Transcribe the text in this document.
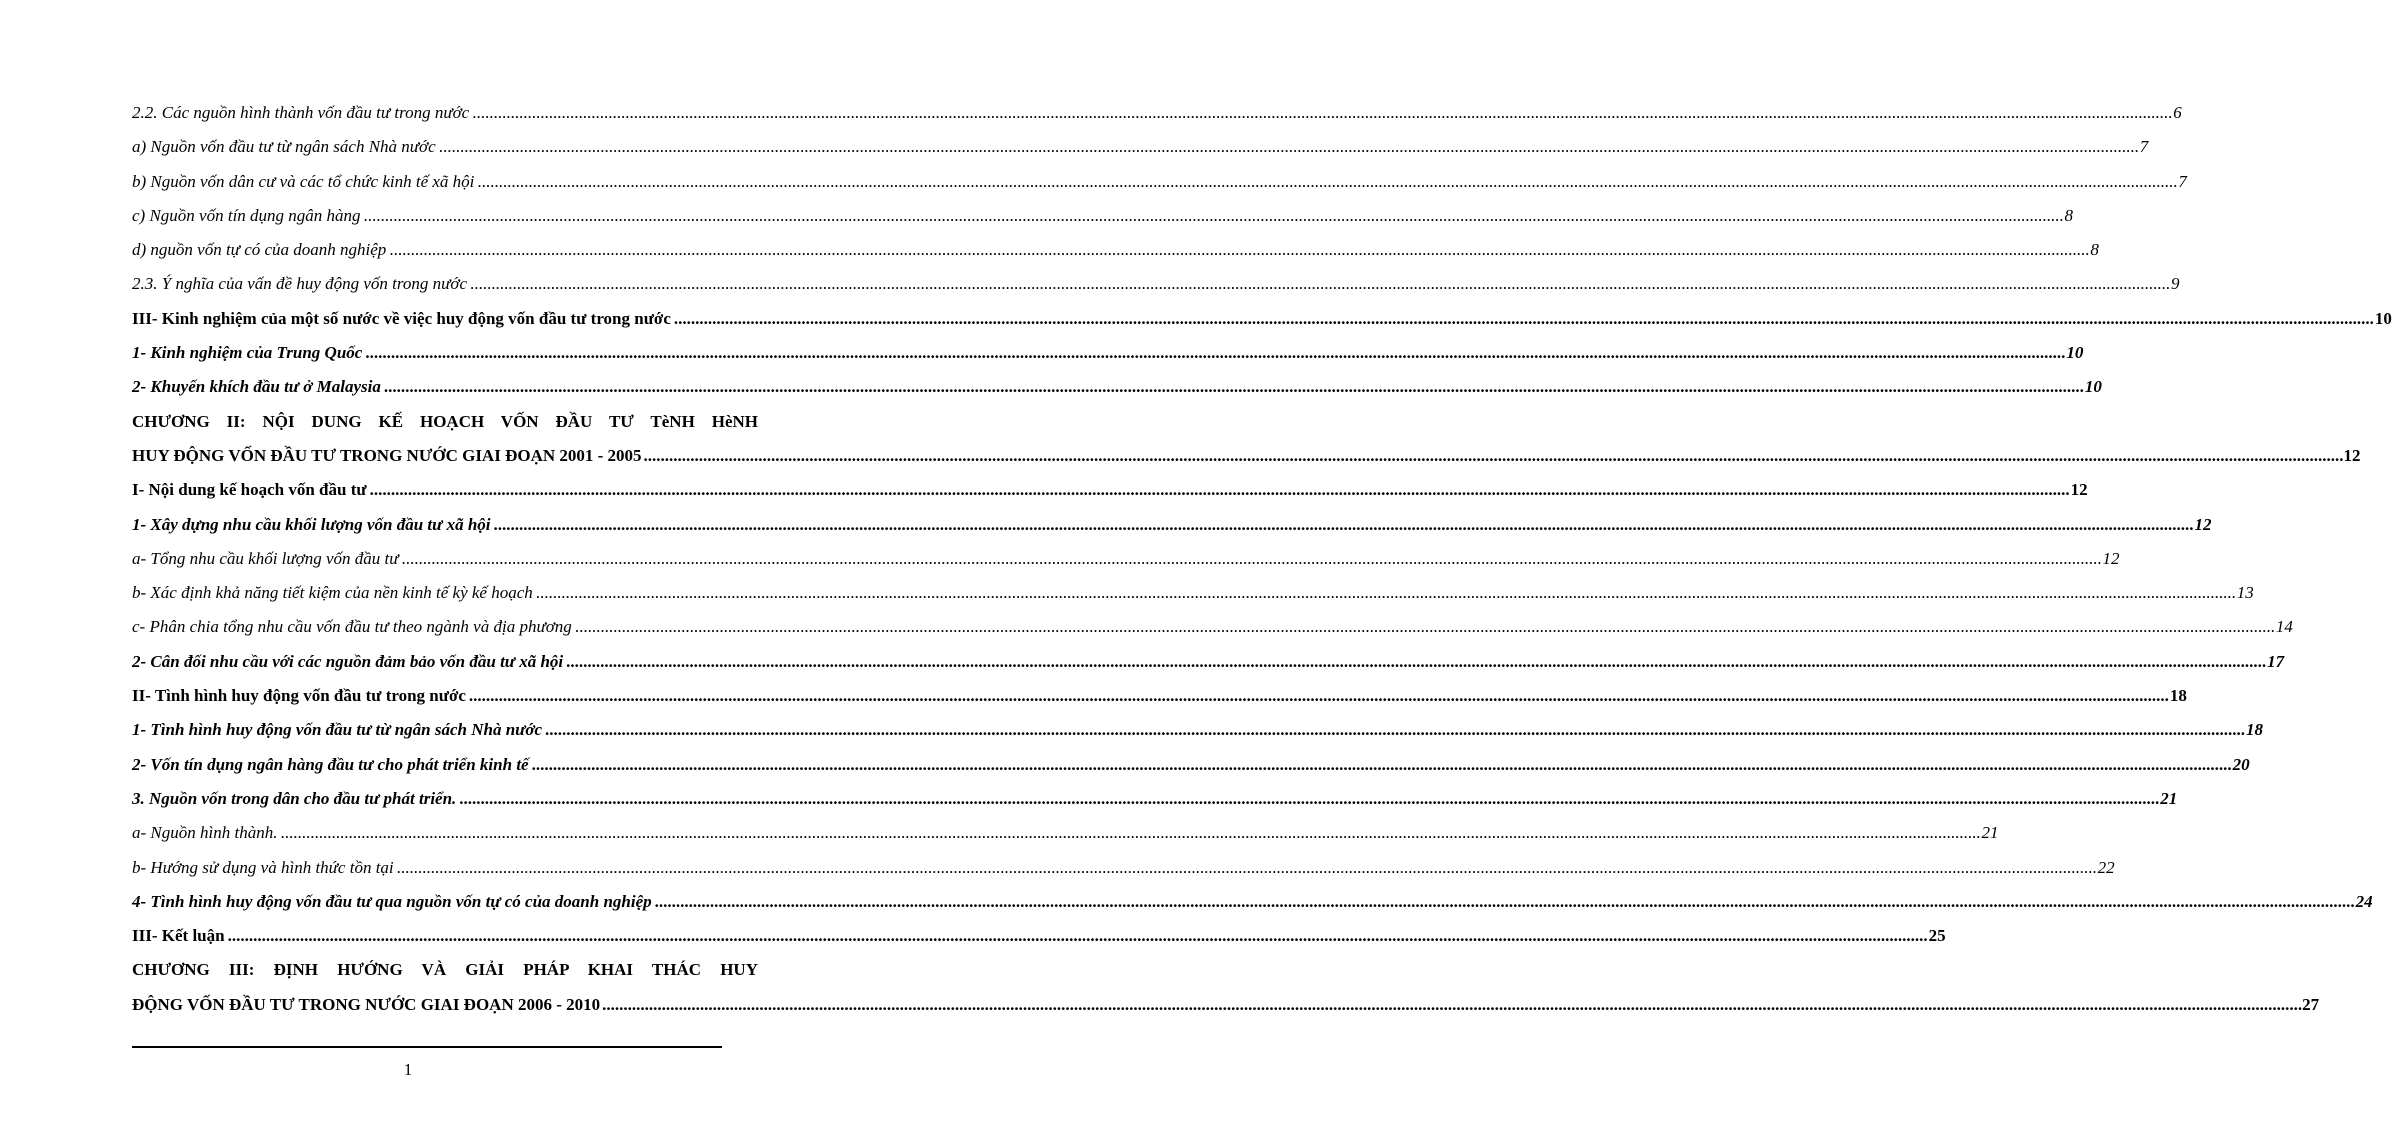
2.2. Các nguồn hình thành vốn đầu tư trong nước ................................................................................................................................................................................................................................................................................................................................................................................................................ 6
a) Nguồn vốn đầu tư từ ngân sách Nhà nước ................................................................................................................................................................................................................................................................................................................................................................................................................ 7
b) Nguồn vốn dân cư và các tổ chức kinh tế xã hội ................................................................................................................................................................................................................................................................................................................................................................................................................ 7
c) Nguồn vốn tín dụng ngân hàng ................................................................................................................................................................................................................................................................................................................................................................................................................ 8
d) nguồn vốn tự có của doanh nghiệp ................................................................................................................................................................................................................................................................................................................................................................................................................ 8
2.3. Ý nghĩa của vấn đề huy động vốn trong nước ................................................................................................................................................................................................................................................................................................................................................................................................................ 9
III- Kinh nghiệm của một số nước về việc huy động vốn đầu tư trong nước ................................................................................................................................................................................................................................................................................................................................................................................................................ 10
1- Kinh nghiệm của Trung Quốc ................................................................................................................................................................................................................................................................................................................................................................................................................ 10
2- Khuyến khích đầu tư ở Malaysia ................................................................................................................................................................................................................................................................................................................................................................................................................ 10
CHƯƠNG II: NỘI DUNG KẾ HOẠCH VỐN ĐẦU TƯ TèNH HèNH
HUY ĐỘNG VỐN ĐẦU TƯ TRONG NƯỚC GIAI ĐOẠN 2001 - 2005 ................................................................................................................................................................................................................................................................................................................................................................................................................ 12
I- Nội dung kế hoạch vốn đầu tư ................................................................................................................................................................................................................................................................................................................................................................................................................ 12
1- Xây dựng nhu cầu khối lượng vốn đầu tư xã hội ................................................................................................................................................................................................................................................................................................................................................................................................................ 12
a- Tổng nhu cầu khối lượng vốn đầu tư ................................................................................................................................................................................................................................................................................................................................................................................................................ 12
b- Xác định khả năng tiết kiệm của nền kinh tế kỳ kế hoạch ................................................................................................................................................................................................................................................................................................................................................................................................................ 13
c- Phân chia tổng nhu cầu vốn đầu tư theo ngành và địa phương ................................................................................................................................................................................................................................................................................................................................................................................................................ 14
2- Cân đối nhu cầu với các nguồn đảm bảo vốn đầu tư xã hội ................................................................................................................................................................................................................................................................................................................................................................................................................ 17
II- Tình hình huy động vốn đầu tư trong nước ................................................................................................................................................................................................................................................................................................................................................................................................................ 18
1- Tình hình huy động vốn đầu tư từ ngân sách Nhà nước ................................................................................................................................................................................................................................................................................................................................................................................................................ 18
2- Vốn tín dụng ngân hàng đầu tư cho phát triển kinh tế ................................................................................................................................................................................................................................................................................................................................................................................................................ 20
3. Nguồn vốn trong dân cho đầu tư phát triển. ................................................................................................................................................................................................................................................................................................................................................................................................................ 21
a- Nguồn hình thành. ................................................................................................................................................................................................................................................................................................................................................................................................................ 21
b- Hướng sử dụng và hình thức tồn tại ................................................................................................................................................................................................................................................................................................................................................................................................................ 22
4- Tình hình huy động vốn đầu tư qua nguồn vốn tự có của doanh nghiệp ................................................................................................................................................................................................................................................................................................................................................................................................................ 24
III- Kết luận ................................................................................................................................................................................................................................................................................................................................................................................................................ 25
CHƯƠNG III: ĐỊNH HƯỚNG VÀ GIẢI PHÁP KHAI THÁC HUY
ĐỘNG VỐN ĐẦU TƯ TRONG NƯỚC GIAI ĐOẠN 2006 - 2010 ................................................................................................................................................................................................................................................................................................................................................................................................................ 27
1
